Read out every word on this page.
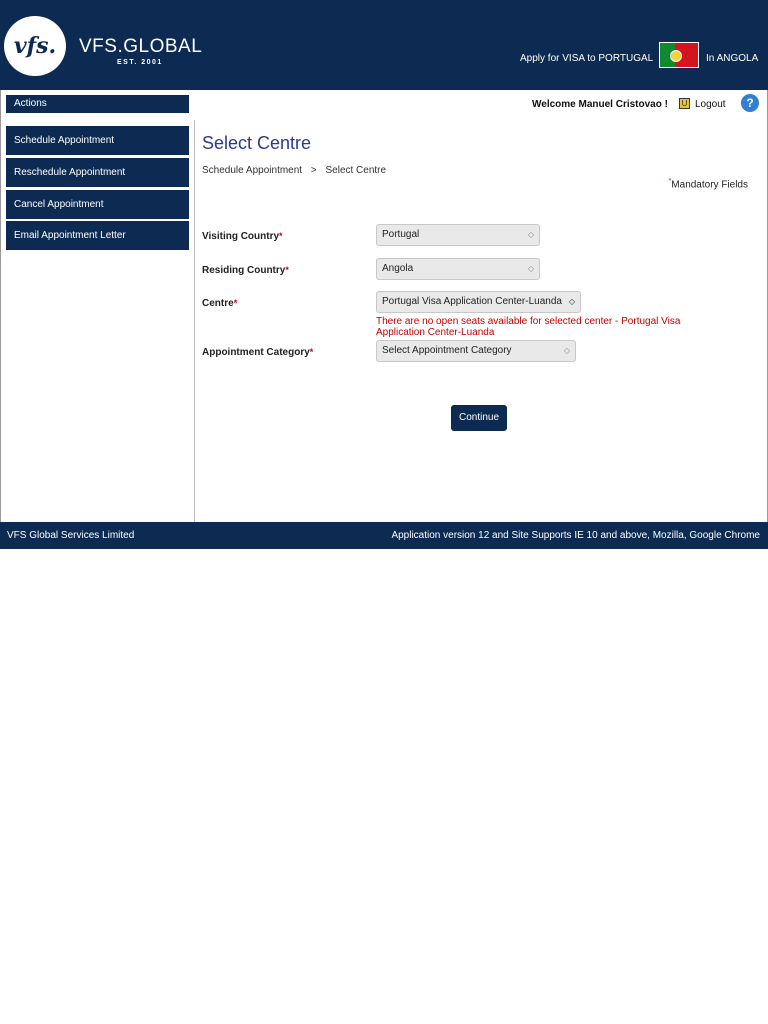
vfs. VFS.GLOBAL
EST. 2001	Apply for VISA to PORTUGAL	In ANGOLA
Actions	Welcome Manuel Cristovao !	U Logout	?
Schedule Appointment
Reschedule Appointment
Cancel Appointment
Email Appointment Letter
Select Centre
Schedule Appointment > Select Centre
*Mandatory Fields
Visiting Country*	Portugal	◇
Residing Country*	Angola	◇
Centre*	Portugal Visa Application Center-Luanda ◇
There are no open seats available for selected center - Portugal Visa Application Center-Luanda
Appointment Category*	Select Appointment Category	◇
Continue
VFS Global Services Limited	Application version 12 and Site Supports IE 10 and above, Mozilla, Google Chrome
